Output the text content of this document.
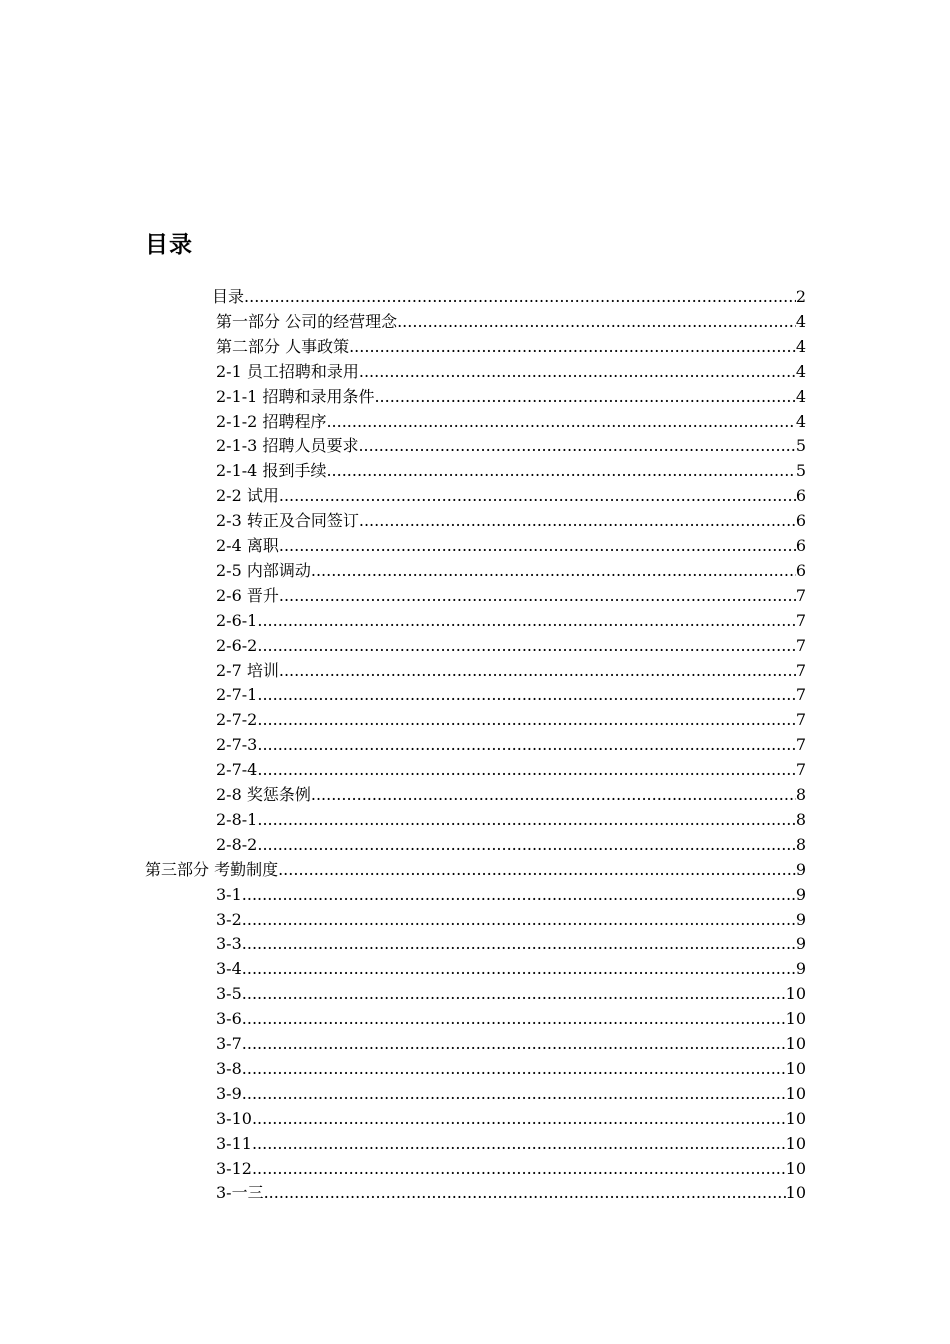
目录
目录 .....	2
第一部分 公司的经营理念 .....	4
第二部分 人事政策 .....	4
2-1 员工招聘和录用 .....	4
2-1-1 招聘和录用条件 .....	4
2-1-2 招聘程序 .....	4
2-1-3 招聘人员要求 .....	5
2-1-4 报到手续 .....	5
2-2 试用 .....	6
2-3 转正及合同签订 .....	6
2-4 离职 .....	6
2-5 内部调动 .....	6
2-6 晋升 .....	7
2-6-1 .....	7
2-6-2 .....	7
2-7 培训 .....	7
2-7-1 .....	7
2-7-2 .....	7
2-7-3 .....	7
2-7-4 .....	7
2-8 奖惩条例 .....	8
2-8-1 .....	8
2-8-2 .....	8
第三部分 考勤制度 .....	9
3-1 .....	9
3-2 .....	9
3-3 .....	9
3-4 .....	9
3-5 .....	10
3-6 .....	10
3-7 .....	10
3-8 .....	10
3-9 .....	10
3-10 .....	10
3-11 .....	10
3-12 .....	10
3-一三 .....	10
